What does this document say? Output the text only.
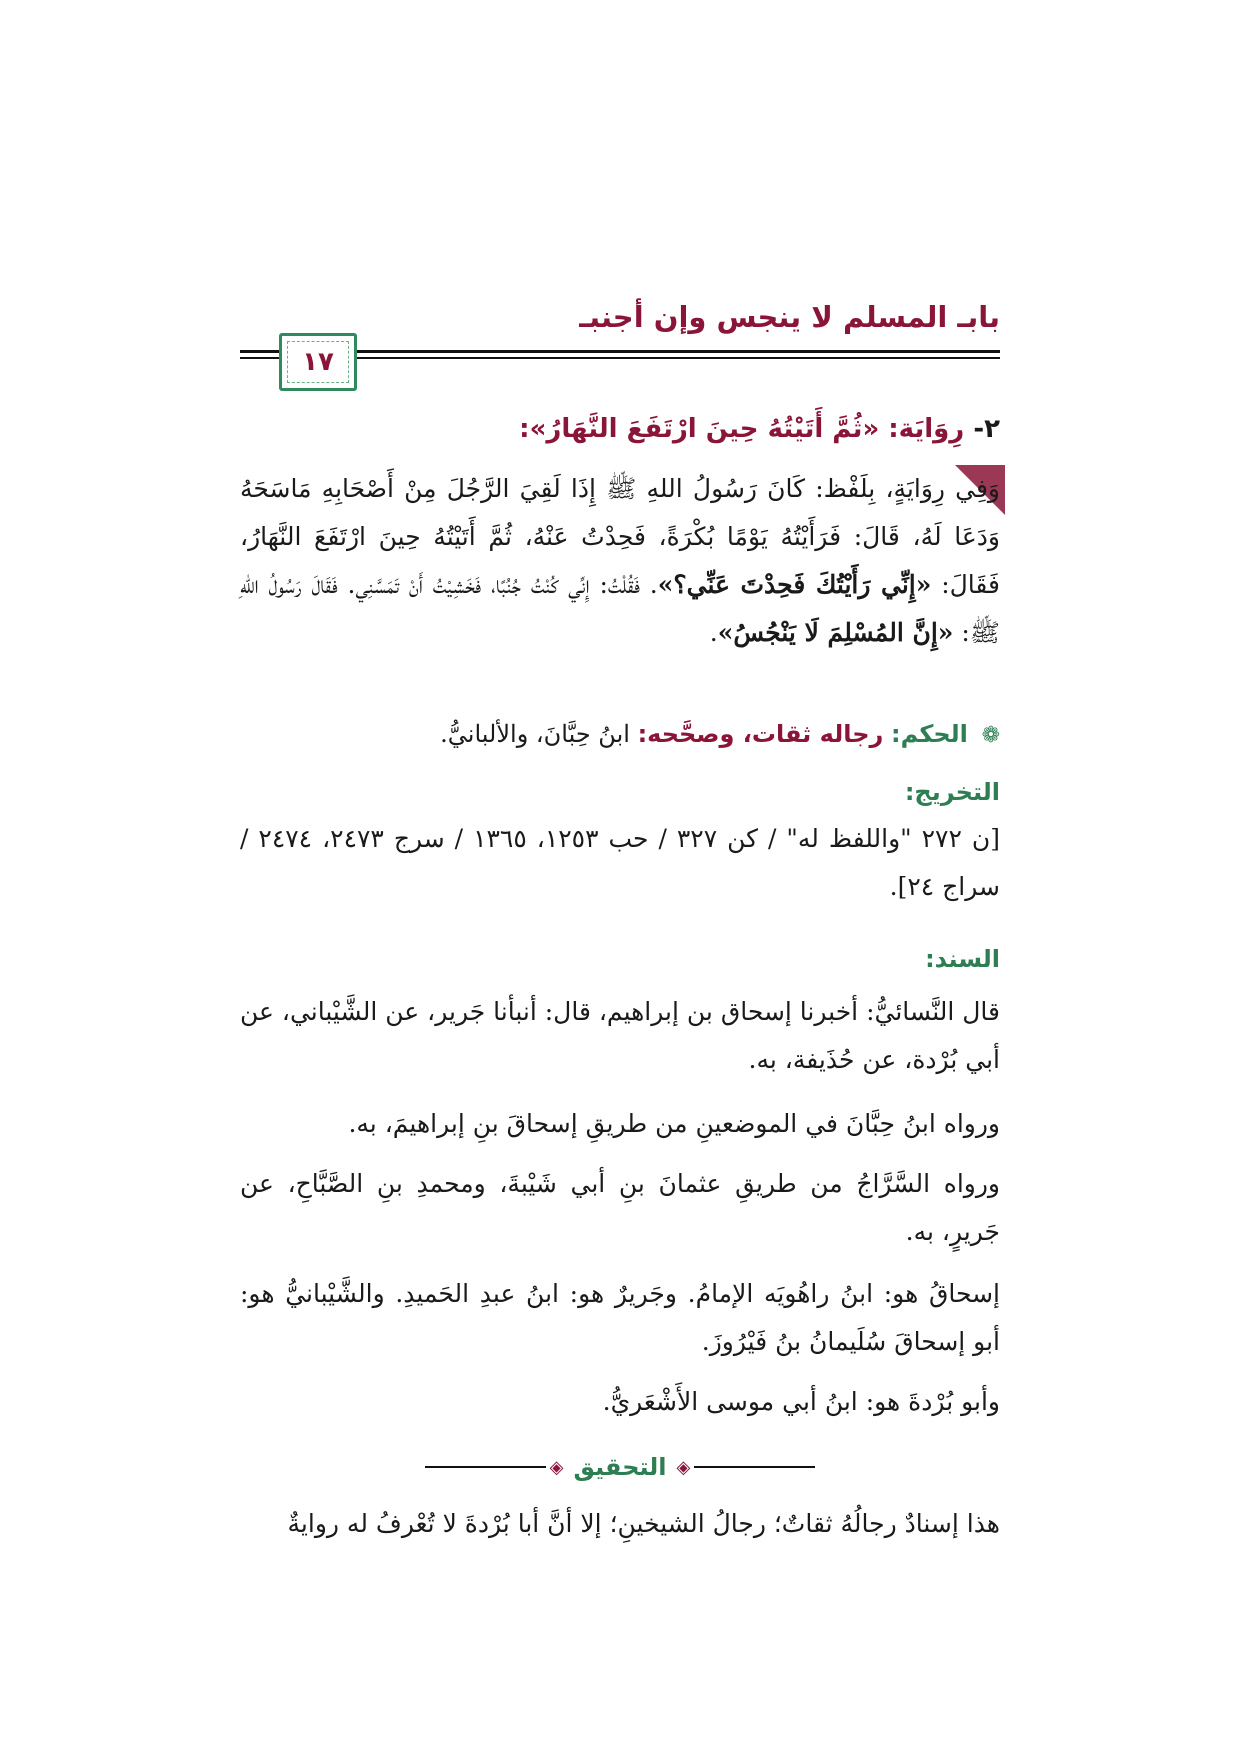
بابـ المسلم لا ينجس وإن أجنبـ
١٧
٢- رِوَايَة: «ثُمَّ أَتَيْتُهُ حِينَ ارْتَفَعَ النَّهَارُ»:
وَفِي رِوَايَةٍ، بِلَفْظ: كَانَ رَسُولُ اللهِ ﷺ إِذَا لَقِيَ الرَّجُلَ مِنْ أَصْحَابِهِ مَاسَحَهُ وَدَعَا لَهُ، قَالَ: فَرَأَيْتُهُ يَوْمًا بُكْرَةً، فَحِدْتُ عَنْهُ، ثُمَّ أَتَيْتُهُ حِينَ ارْتَفَعَ النَّهَارُ، فَقَالَ: «إِنِّي رَأَيْتُكَ فَحِدْتَ عَنِّي؟». فَقُلْتُ: إِنِّي كُنْتُ جُنُبًا، فَخَشِيْتُ أَنْ تَمَسَّنِي. فَقَالَ رَسُولُ اللهِ ﷺ: «إِنَّ المُسْلِمَ لَا يَنْجُسُ».
❁ الحكم: رجاله ثقات، وصحَّحه: ابنُ حِبَّانَ، والألبانيُّ.
التخريج:
[ن ٢٧٢ "واللفظ له" / كن ٣٢٧ / حب ١٢٥٣، ١٣٦٥ / سرج ٢٤٧٣، ٢٤٧٤ / سراج ٢٤].
السند:
قال النَّسائيُّ: أخبرنا إسحاق بن إبراهيم، قال: أنبأنا جَرير، عن الشَّيْباني، عن أبي بُرْدة، عن حُذَيفة، به.
ورواه ابنُ حِبَّانَ في الموضعينِ من طريقِ إسحاقَ بنِ إبراهيمَ، به.
ورواه السَّرَّاجُ من طريقِ عثمانَ بنِ أبي شَيْبةَ، ومحمدِ بنِ الصَّبَّاحِ، عن جَريرٍ، به.
إسحاقُ هو: ابنُ راهُويَه الإمامُ. وجَريرٌ هو: ابنُ عبدِ الحَميدِ. والشَّيْبانيُّ هو: أبو إسحاقَ سُلَيمانُ بنُ فَيْرُوزَ.
وأبو بُرْدةَ هو: ابنُ أبي موسى الأَشْعَريُّ.
◈ التحقيق ◈
هذا إسنادٌ رجالُهُ ثقاتٌ؛ رجالُ الشيخينِ؛ إلا أنَّ أبا بُرْدةَ لا تُعْرفُ له روايةٌ
